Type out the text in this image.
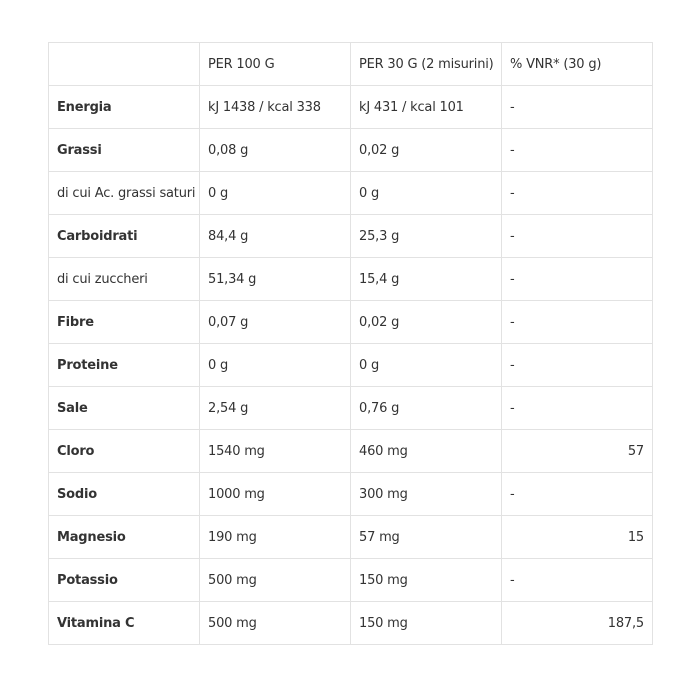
	PER 100 G	PER 30 G (2 misurini)	% VNR* (30 g)
Energia	kJ 1438 / kcal 338	kJ 431 / kcal 101	-
Grassi	0,08 g	0,02 g	-
di cui Ac. grassi saturi	0 g	0 g	-
Carboidrati	84,4 g	25,3 g	-
di cui zuccheri	51,34 g	15,4 g	-
Fibre	0,07 g	0,02 g	-
Proteine	0 g	0 g	-
Sale	2,54 g	0,76 g	-
Cloro	1540 mg	460 mg	57
Sodio	1000 mg	300 mg	-
Magnesio	190 mg	57 mg	15
Potassio	500 mg	150 mg	-
Vitamina C	500 mg	150 mg	187,5
